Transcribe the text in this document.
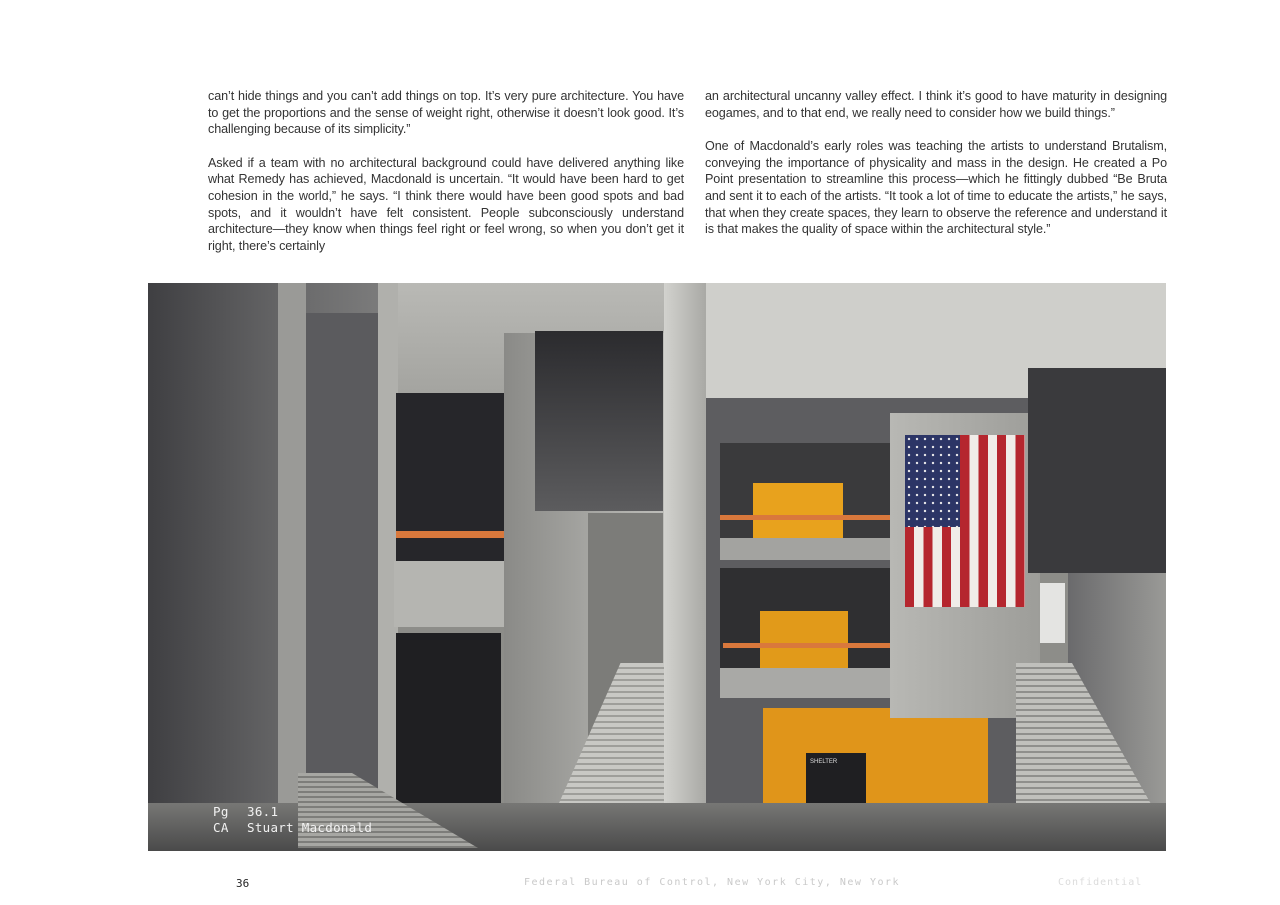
can’t hide things and you can’t add things on top. It’s very pure architecture. You have to get the proportions and the sense of weight right, otherwise it doesn’t look good. It’s challenging because of its simplicity.”

Asked if a team with no architectural background could have delivered anything like what Remedy has achieved, Macdonald is uncertain. “It would have been hard to get cohesion in the world,” he says. “I think there would have been good spots and bad spots, and it wouldn’t have felt consistent. People subconsciously understand architecture—they know when things feel right or feel wrong, so when you don’t get it right, there’s certainly

an architectural uncanny valley effect. I think it’s good to have maturity in designing eogames, and to that end, we really need to consider how we build things.”

One of Macdonald’s early roles was teaching the artists to understand Brutalism, conveying the importance of physicality and mass in the design. He created a Po Point presentation to streamline this process—which he fittingly dubbed “Be Bruta and sent it to each of the artists. “It took a lot of time to educate the artists,” he says, that when they create spaces, they learn to observe the reference and understand it is that makes the quality of space within the architectural style.”

SHELTER
Pg 36.1
CA Stuart Macdonald
36	Federal Bureau of Control, New York City, New York	Confidential
